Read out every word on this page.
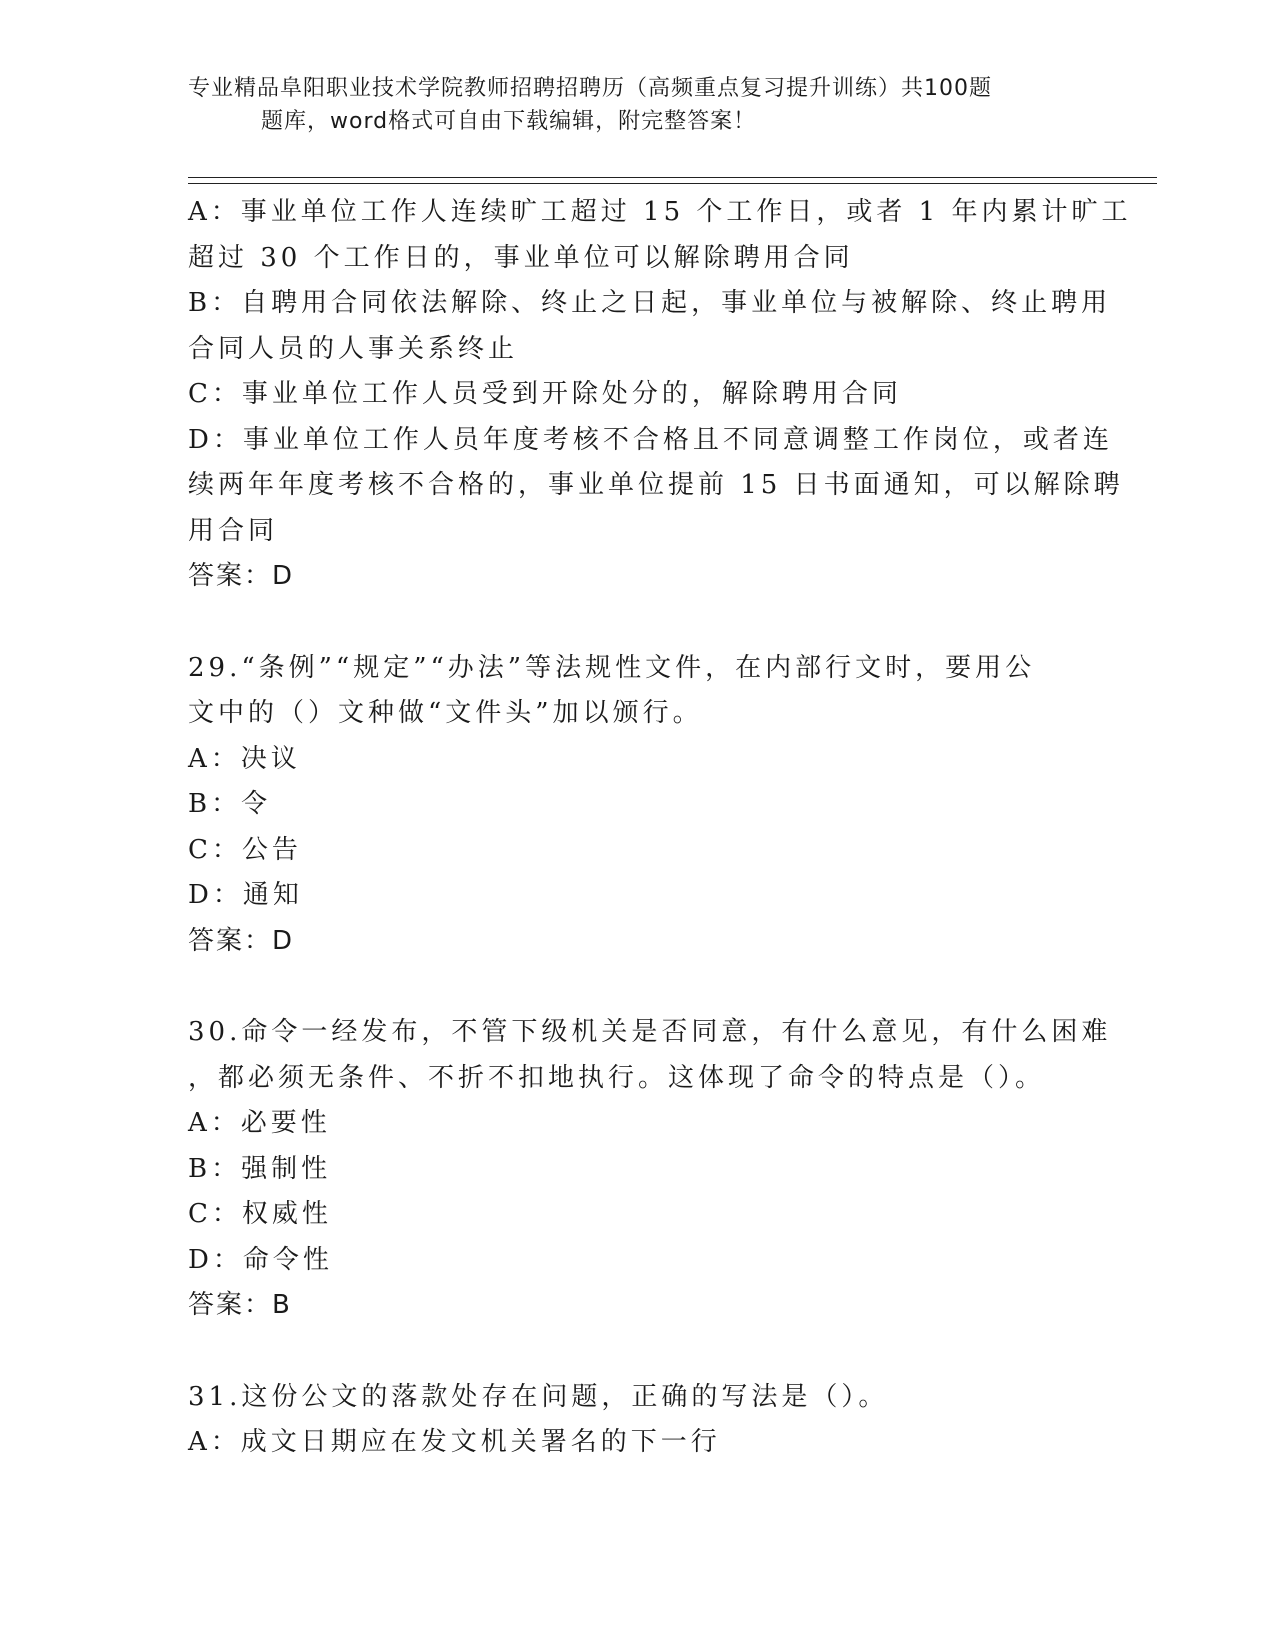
专业精品阜阳职业技术学院教师招聘招聘历（高频重点复习提升训练）共100题
题库，word格式可自由下载编辑，附完整答案！
A：事业单位工作人连续旷工超过 15 个工作日，或者 1 年内累计旷工
超过 30 个工作日的，事业单位可以解除聘用合同
B：自聘用合同依法解除、终止之日起，事业单位与被解除、终止聘用
合同人员的人事关系终止
C：事业单位工作人员受到开除处分的，解除聘用合同
D：事业单位工作人员年度考核不合格且不同意调整工作岗位，或者连
续两年年度考核不合格的，事业单位提前 15 日书面通知，可以解除聘
用合同
答案：D
29.“条例”“规定”“办法”等法规性文件，在内部行文时，要用公
文中的（）文种做“文件头”加以颁行。
A：决议
B：令
C：公告
D：通知
答案：D
30.命令一经发布，不管下级机关是否同意，有什么意见，有什么困难
，都必须无条件、不折不扣地执行。这体现了命令的特点是（）。
A：必要性
B：强制性
C：权威性
D：命令性
答案：B
31.这份公文的落款处存在问题，正确的写法是（）。
A：成文日期应在发文机关署名的下一行
